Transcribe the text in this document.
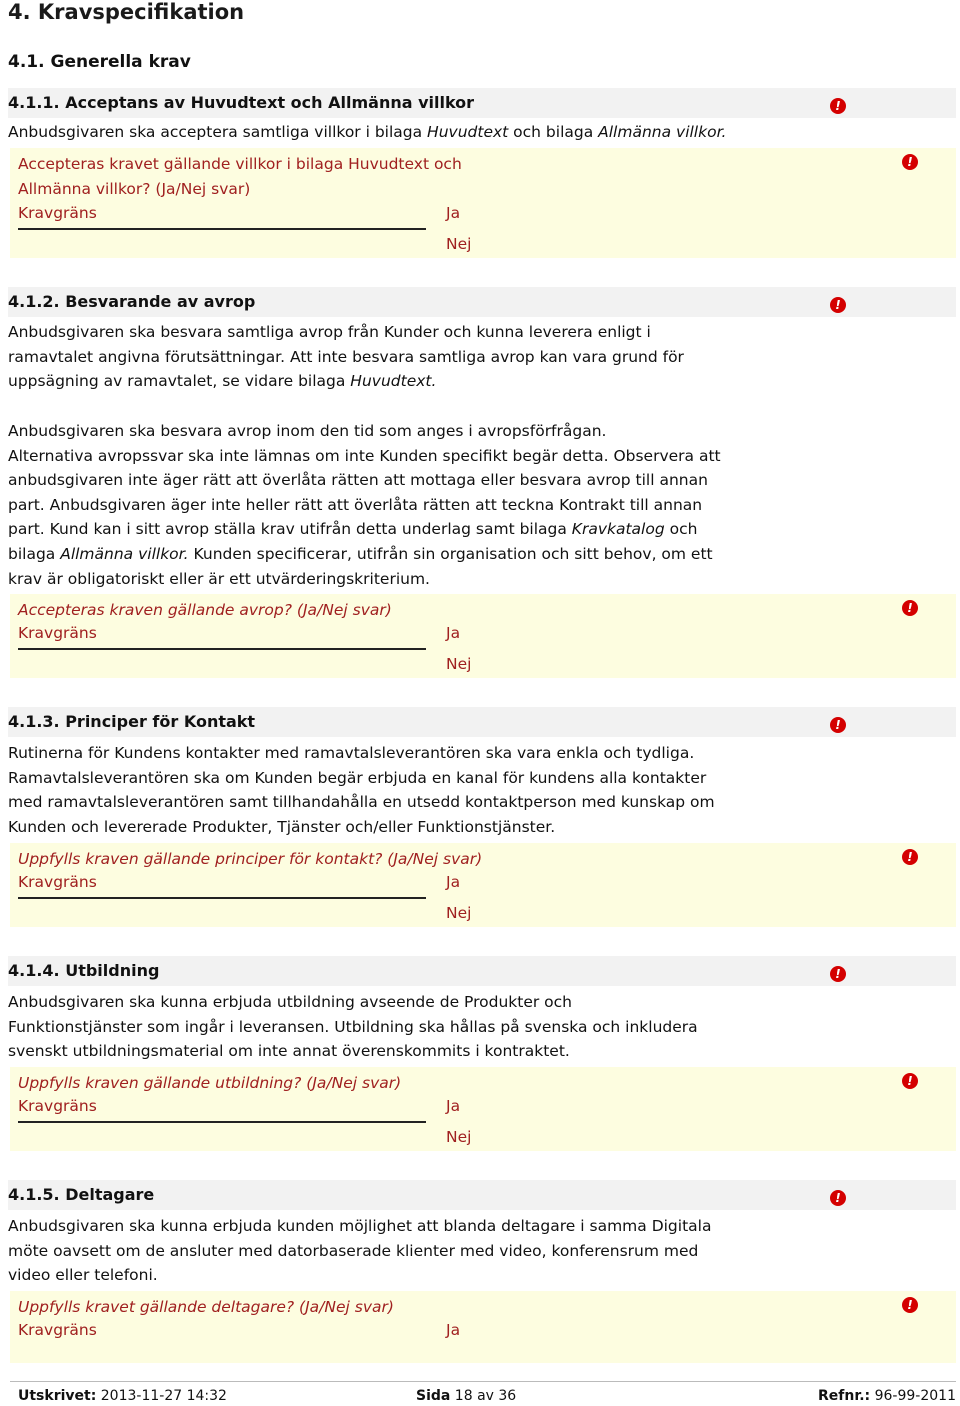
4. Kravspecifikation
4.1. Generella krav
4.1.1. Acceptans av Huvudtext och Allmänna villkor	!
Anbudsgivaren ska acceptera samtliga villkor i bilaga Huvudtext och bilaga Allmänna villkor.
Accepteras kravet gällande villkor i bilaga Huvudtext och
Allmänna villkor? (Ja/Nej svar)
!
Kravgräns	Ja
Nej
4.1.2. Besvarande av avrop	!
Anbudsgivaren ska besvara samtliga avrop från Kunder och kunna leverera enligt i
ramavtalet angivna förutsättningar. Att inte besvara samtliga avrop kan vara grund för
uppsägning av ramavtalet, se vidare bilaga Huvudtext.
Anbudsgivaren ska besvara avrop inom den tid som anges i avropsförfrågan.
Alternativa avropssvar ska inte lämnas om inte Kunden specifikt begär detta. Observera att
anbudsgivaren inte äger rätt att överlåta rätten att mottaga eller besvara avrop till annan
part. Anbudsgivaren äger inte heller rätt att överlåta rätten att teckna Kontrakt till annan
part. Kund kan i sitt avrop ställa krav utifrån detta underlag samt bilaga Kravkatalog och
bilaga Allmänna villkor. Kunden specificerar, utifrån sin organisation och sitt behov, om ett
krav är obligatoriskt eller är ett utvärderingskriterium.
Accepteras kraven gällande avrop? (Ja/Nej svar)	!
Kravgräns	Ja
Nej
4.1.3. Principer för Kontakt	!
Rutinerna för Kundens kontakter med ramavtalsleverantören ska vara enkla och tydliga.
Ramavtalsleverantören ska om Kunden begär erbjuda en kanal för kundens alla kontakter
med ramavtalsleverantören samt tillhandahålla en utsedd kontaktperson med kunskap om
Kunden och levererade Produkter, Tjänster och/eller Funktionstjänster.
Uppfylls kraven gällande principer för kontakt? (Ja/Nej svar)	!
Kravgräns	Ja
Nej
4.1.4. Utbildning	!
Anbudsgivaren ska kunna erbjuda utbildning avseende de Produkter och
Funktionstjänster som ingår i leveransen. Utbildning ska hållas på svenska och inkludera
svenskt utbildningsmaterial om inte annat överenskommits i kontraktet.
Uppfylls kraven gällande utbildning? (Ja/Nej svar)	!
Kravgräns	Ja
Nej
4.1.5. Deltagare	!
Anbudsgivaren ska kunna erbjuda kunden möjlighet att blanda deltagare i samma Digitala
möte oavsett om de ansluter med datorbaserade klienter med video, konferensrum med
video eller telefoni.
Uppfylls kravet gällande deltagare? (Ja/Nej svar)	!
Kravgräns	Ja
Utskrivet: 2013-11-27 14:32	Sida 18 av 36	Refnr.: 96-99-2011
